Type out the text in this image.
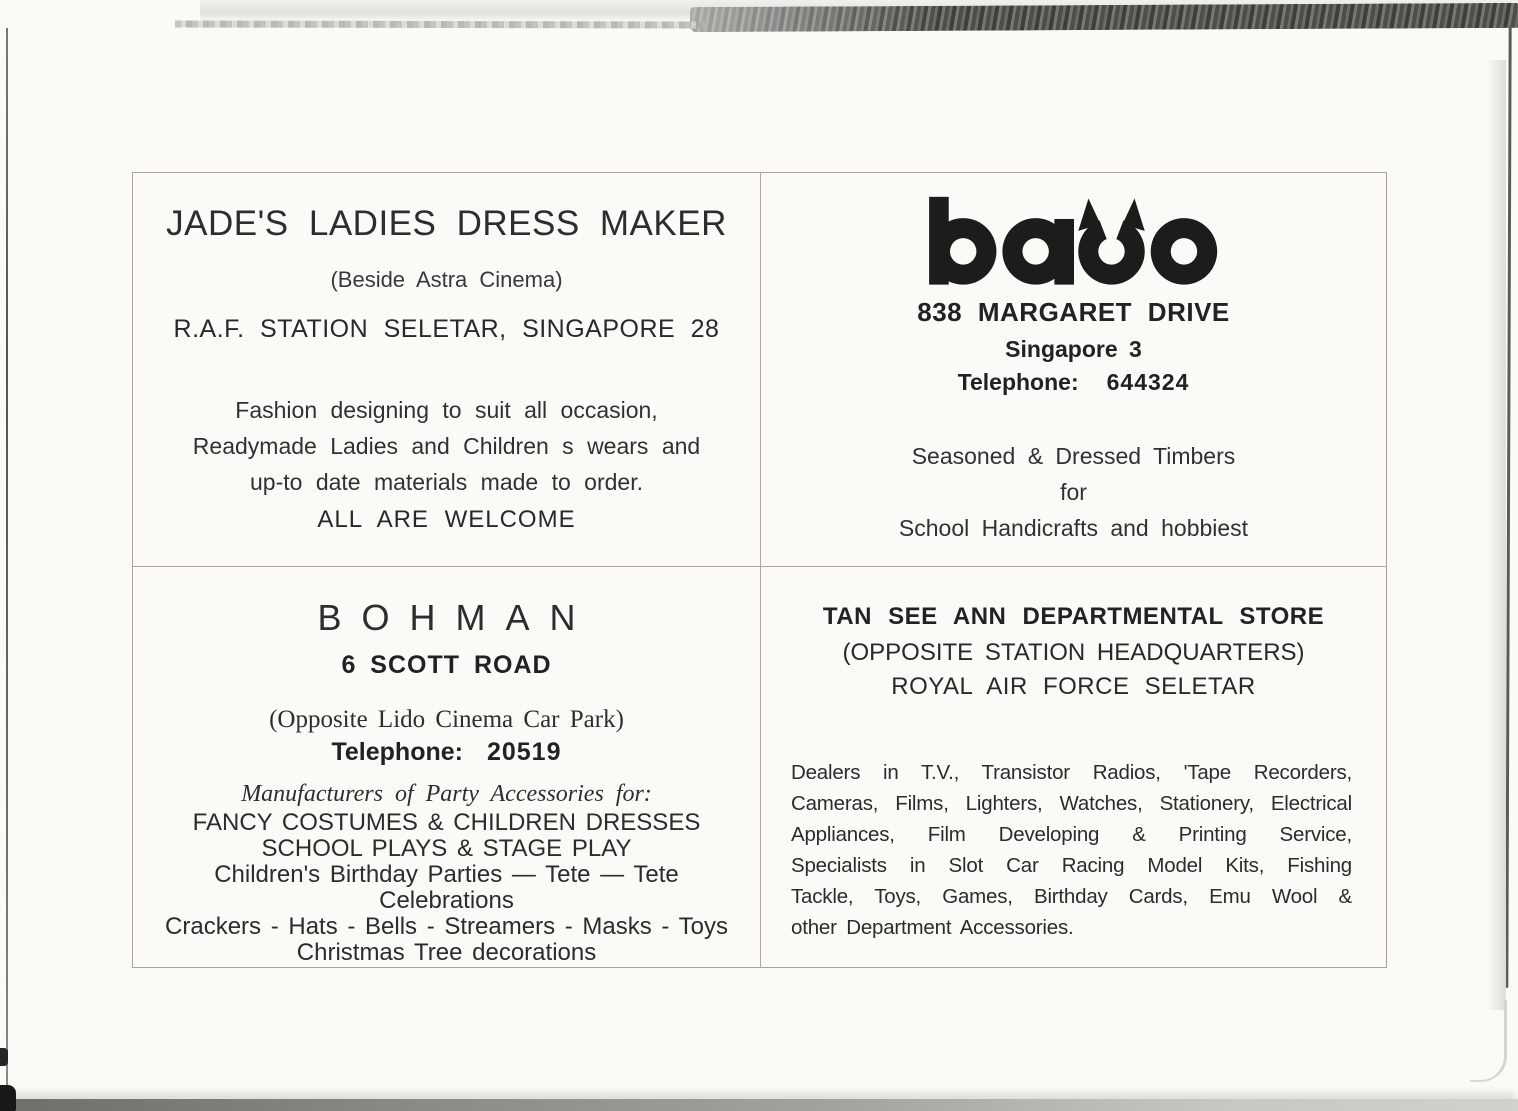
JADE'S LADIES DRESS MAKER
(Beside Astra Cinema)
R.A.F. STATION SELETAR, SINGAPORE 28
Fashion designing to suit all occasion,
Readymade Ladies and Children s wears and
up-to date materials made to order.
ALL ARE WELCOME
838 MARGARET DRIVE
Singapore 3
Telephone: 644324
Seasoned & Dressed Timbers
for
School Handicrafts and hobbiest
BOHMAN
6 SCOTT ROAD
(Opposite Lido Cinema Car Park)
Telephone: 20519
Manufacturers of Party Accessories for:
FANCY COSTUMES & CHILDREN DRESSES
SCHOOL PLAYS & STAGE PLAY
Children's Birthday Parties — Tete — Tete
Celebrations
Crackers - Hats - Bells - Streamers - Masks - Toys
Christmas Tree decorations
TAN SEE ANN DEPARTMENTAL STORE
(OPPOSITE STATION HEADQUARTERS)
ROYAL AIR FORCE SELETAR
Dealers in T.V., Transistor Radios, 'Tape Recorders,
Cameras, Films, Lighters, Watches, Stationery, Electrical
Appliances, Film Developing & Printing Service,
Specialists in Slot Car Racing Model Kits, Fishing
Tackle, Toys, Games, Birthday Cards, Emu Wool &
other Department Accessories.
